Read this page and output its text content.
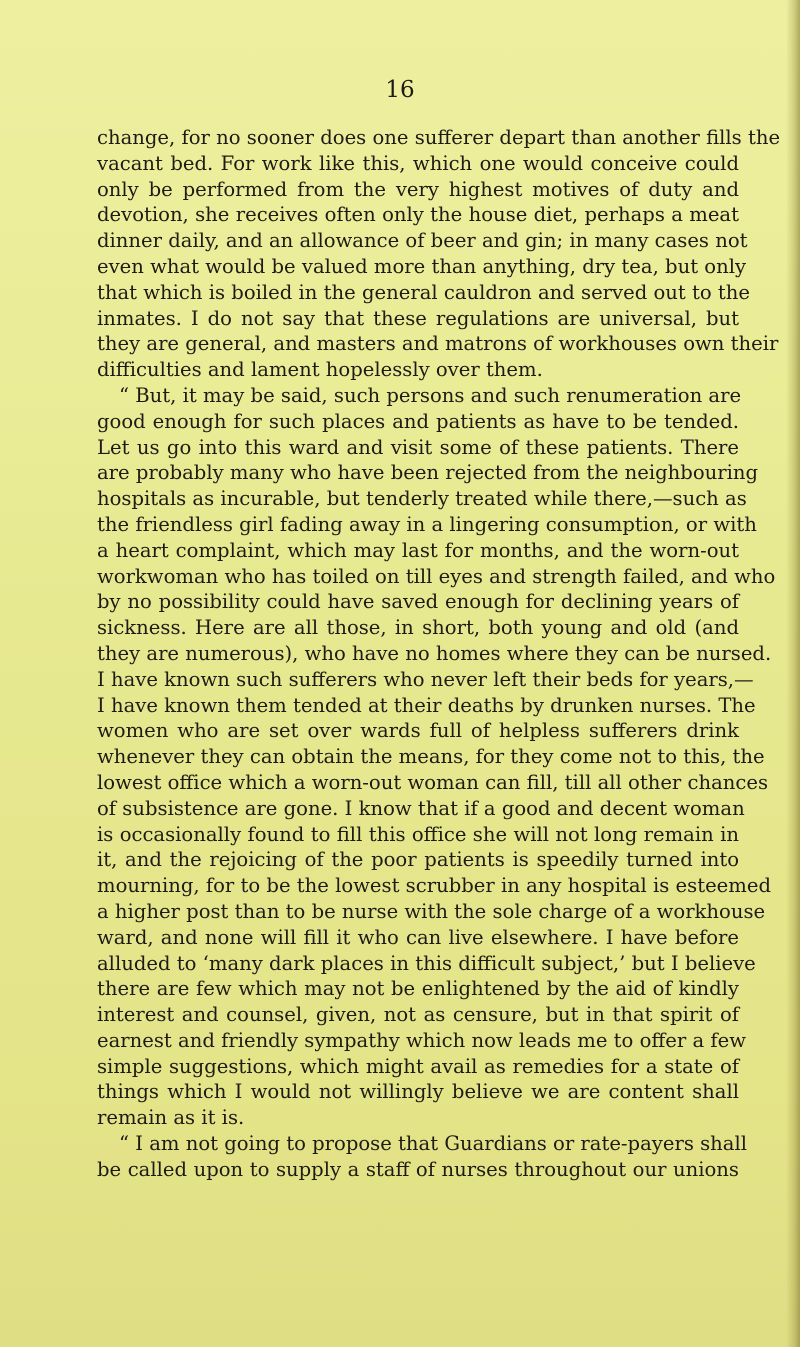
16

change, for no sooner does one sufferer depart than another fills the
vacant bed. For work like this, which one would conceive could
only be performed from the very highest motives of duty and
devotion, she receives often only the house diet, perhaps a meat
dinner daily, and an allowance of beer and gin; in many cases not
even what would be valued more than anything, dry tea, but only
that which is boiled in the general cauldron and served out to the
inmates. I do not say that these regulations are universal, but
they are general, and masters and matrons of workhouses own their
difficulties and lament hopelessly over them.

“ But, it may be said, such persons and such renumeration are
good enough for such places and patients as have to be tended.
Let us go into this ward and visit some of these patients. There
are probably many who have been rejected from the neighbouring
hospitals as incurable, but tenderly treated while there,—such as
the friendless girl fading away in a lingering consumption, or with
a heart complaint, which may last for months, and the worn-out
workwoman who has toiled on till eyes and strength failed, and who
by no possibility could have saved enough for declining years of
sickness. Here are all those, in short, both young and old (and
they are numerous), who have no homes where they can be nursed.
I have known such sufferers who never left their beds for years,—
I have known them tended at their deaths by drunken nurses. The
women who are set over wards full of helpless sufferers drink
whenever they can obtain the means, for they come not to this, the
lowest office which a worn-out woman can fill, till all other chances
of subsistence are gone. I know that if a good and decent woman
is occasionally found to fill this office she will not long remain in
it, and the rejoicing of the poor patients is speedily turned into
mourning, for to be the lowest scrubber in any hospital is esteemed
a higher post than to be nurse with the sole charge of a workhouse
ward, and none will fill it who can live elsewhere. I have before
alluded to ‘many dark places in this difficult subject,’ but I believe
there are few which may not be enlightened by the aid of kindly
interest and counsel, given, not as censure, but in that spirit of
earnest and friendly sympathy which now leads me to offer a few
simple suggestions, which might avail as remedies for a state of
things which I would not willingly believe we are content shall
remain as it is.

“ I am not going to propose that Guardians or rate-payers shall
be called upon to supply a staff of nurses throughout our unions
